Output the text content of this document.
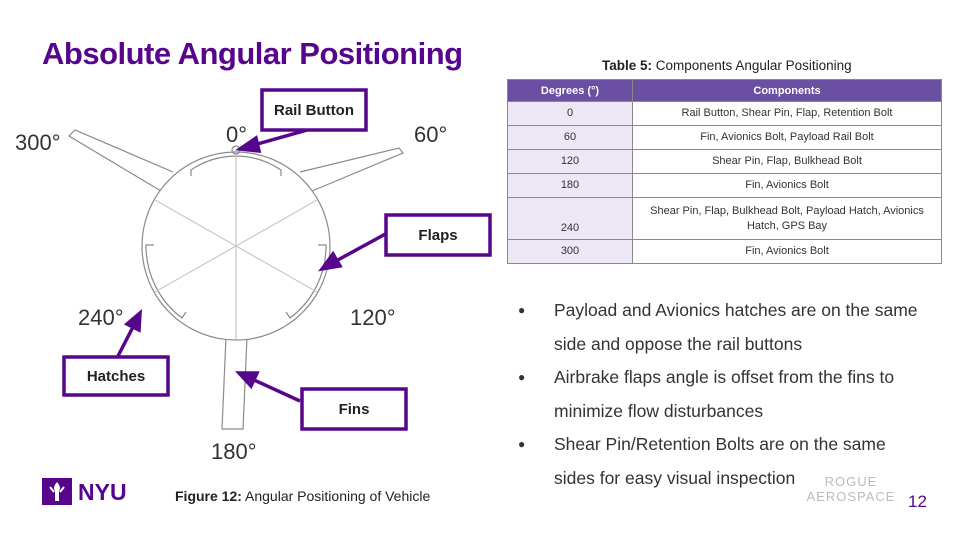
Absolute Angular Positioning
0°	60°
120°
180°
240°
300°
Rail Button
Flaps
Hatches
Fins
Table 5: Components Angular Positioning
Degrees (°)	Components
0	Rail Button, Shear Pin, Flap, Retention Bolt
60	Fin, Avionics Bolt, Payload Rail Bolt
120	Shear Pin, Flap, Bulkhead Bolt
180	Fin, Avionics Bolt
240	Shear Pin, Flap, Bulkhead Bolt, Payload Hatch, Avionics Hatch, GPS Bay
300	Fin, Avionics Bolt
● Payload and Avionics hatches are on the same side and oppose the rail buttons
● Airbrake flaps angle is offset from the fins to minimize flow disturbances
● Shear Pin/Retention Bolts are on the same sides for easy visual inspection
Figure 12: Angular Positioning of Vehicle
NYU	ROGUE
AEROSPACE 12
